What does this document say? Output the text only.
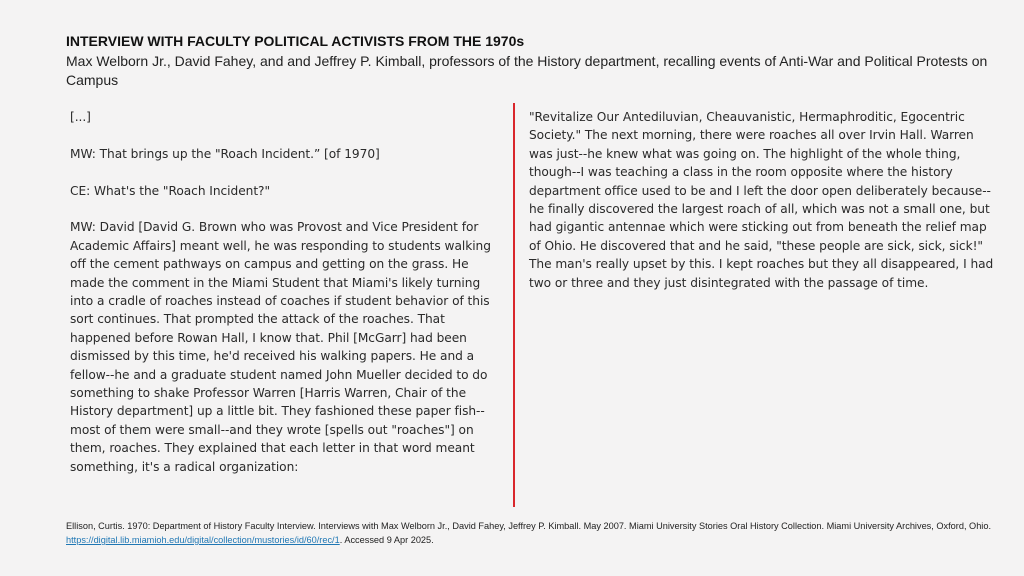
INTERVIEW WITH FACULTY POLITICAL ACTIVISTS FROM THE 1970s
Max Welborn Jr., David Fahey, and and Jeffrey P. Kimball, professors of the History department, recalling events of Anti-War and Political Protests on Campus

[...]

MW: That brings up the "Roach Incident.” [of 1970]

CE: What's the "Roach Incident?"

MW: David [David G. Brown who was Provost and Vice President for Academic Affairs] meant well, he was responding to students walking off the cement pathways on campus and getting on the grass. He made the comment in the Miami Student that Miami's likely turning into a cradle of roaches instead of coaches if student behavior of this sort continues. That prompted the attack of the roaches. That happened before Rowan Hall, I know that. Phil [McGarr] had been dismissed by this time, he'd received his walking papers. He and a fellow--he and a graduate student named John Mueller decided to do something to shake Professor Warren [Harris Warren, Chair of the History department] up a little bit. They fashioned these paper fish--most of them were small--and they wrote [spells out "roaches"] on them, roaches. They explained that each letter in that word meant something, it's a radical organization:

"Revitalize Our Antediluvian, Cheauvanistic, Hermaphroditic, Egocentric Society." The next morning, there were roaches all over Irvin Hall. Warren was just--he knew what was going on. The highlight of the whole thing, though--I was teaching a class in the room opposite where the history department office used to be and I left the door open deliberately because--he finally discovered the largest roach of all, which was not a small one, but had gigantic antennae which were sticking out from beneath the relief map of Ohio. He discovered that and he said, "these people are sick, sick, sick!" The man's really upset by this. I kept roaches but they all disappeared, I had two or three and they just disintegrated with the passage of time.

Ellison, Curtis. 1970: Department of History Faculty Interview. Interviews with Max Welborn Jr., David Fahey, Jeffrey P. Kimball. May 2007. Miami University Stories Oral History Collection. Miami University Archives, Oxford, Ohio. https://digital.lib.miamioh.edu/digital/collection/mustories/id/60/rec/1. Accessed 9 Apr 2025.
